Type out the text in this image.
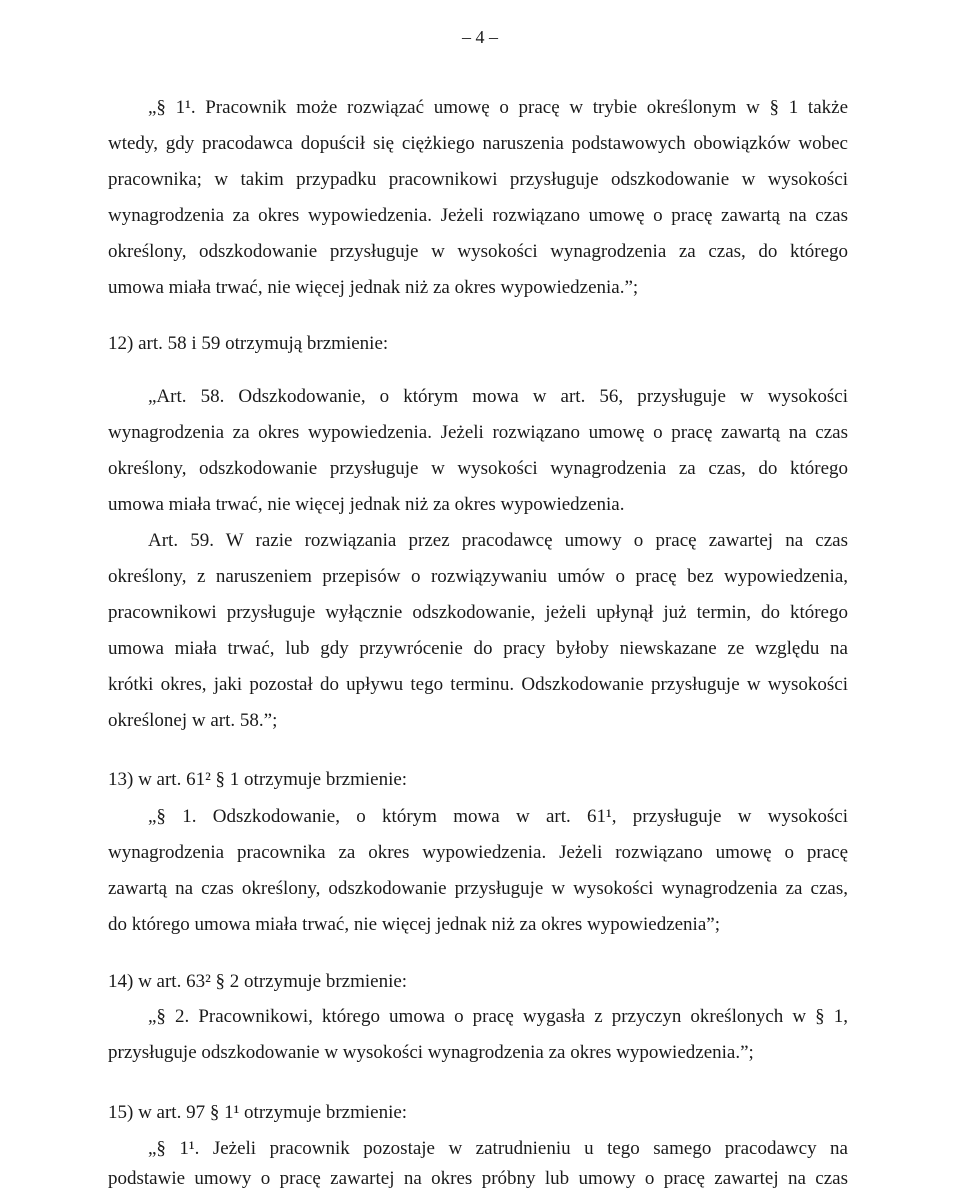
– 4 –
„§ 1¹. Pracownik może rozwiązać umowę o pracę w trybie określonym w § 1 także
wtedy, gdy pracodawca dopuścił się ciężkiego naruszenia podstawowych obowiązków wobec
pracownika; w takim przypadku pracownikowi przysługuje odszkodowanie w wysokości
wynagrodzenia za okres wypowiedzenia. Jeżeli rozwiązano umowę o pracę zawartą na czas
określony, odszkodowanie przysługuje w wysokości wynagrodzenia za czas, do którego
umowa miała trwać, nie więcej jednak niż za okres wypowiedzenia.”;
12) art. 58 i 59 otrzymują brzmienie:
„Art. 58. Odszkodowanie, o którym mowa w art. 56, przysługuje w wysokości
wynagrodzenia za okres wypowiedzenia. Jeżeli rozwiązano umowę o pracę zawartą na czas
określony, odszkodowanie przysługuje w wysokości wynagrodzenia za czas, do którego
umowa miała trwać, nie więcej jednak niż za okres wypowiedzenia.
Art. 59. W razie rozwiązania przez pracodawcę umowy o pracę zawartej na czas
określony, z naruszeniem przepisów o rozwiązywaniu umów o pracę bez wypowiedzenia,
pracownikowi przysługuje wyłącznie odszkodowanie, jeżeli upłynął już termin, do którego
umowa miała trwać, lub gdy przywrócenie do pracy byłoby niewskazane ze względu na
krótki okres, jaki pozostał do upływu tego terminu. Odszkodowanie przysługuje w wysokości
określonej w art. 58.”;
13) w art. 61² § 1 otrzymuje brzmienie:
„§ 1. Odszkodowanie, o którym mowa w art. 61¹, przysługuje w wysokości
wynagrodzenia pracownika za okres wypowiedzenia. Jeżeli rozwiązano umowę o pracę
zawartą na czas określony, odszkodowanie przysługuje w wysokości wynagrodzenia za czas,
do którego umowa miała trwać, nie więcej jednak niż za okres wypowiedzenia”;
14) w art. 63² § 2 otrzymuje brzmienie:
„§ 2. Pracownikowi, którego umowa o pracę wygasła z przyczyn określonych w § 1,
przysługuje odszkodowanie w wysokości wynagrodzenia za okres wypowiedzenia.”;
15) w art. 97 § 1¹ otrzymuje brzmienie:
„§ 1¹. Jeżeli pracownik pozostaje w zatrudnieniu u tego samego pracodawcy na
podstawie umowy o pracę zawartej na okres próbny lub umowy o pracę zawartej na czas
